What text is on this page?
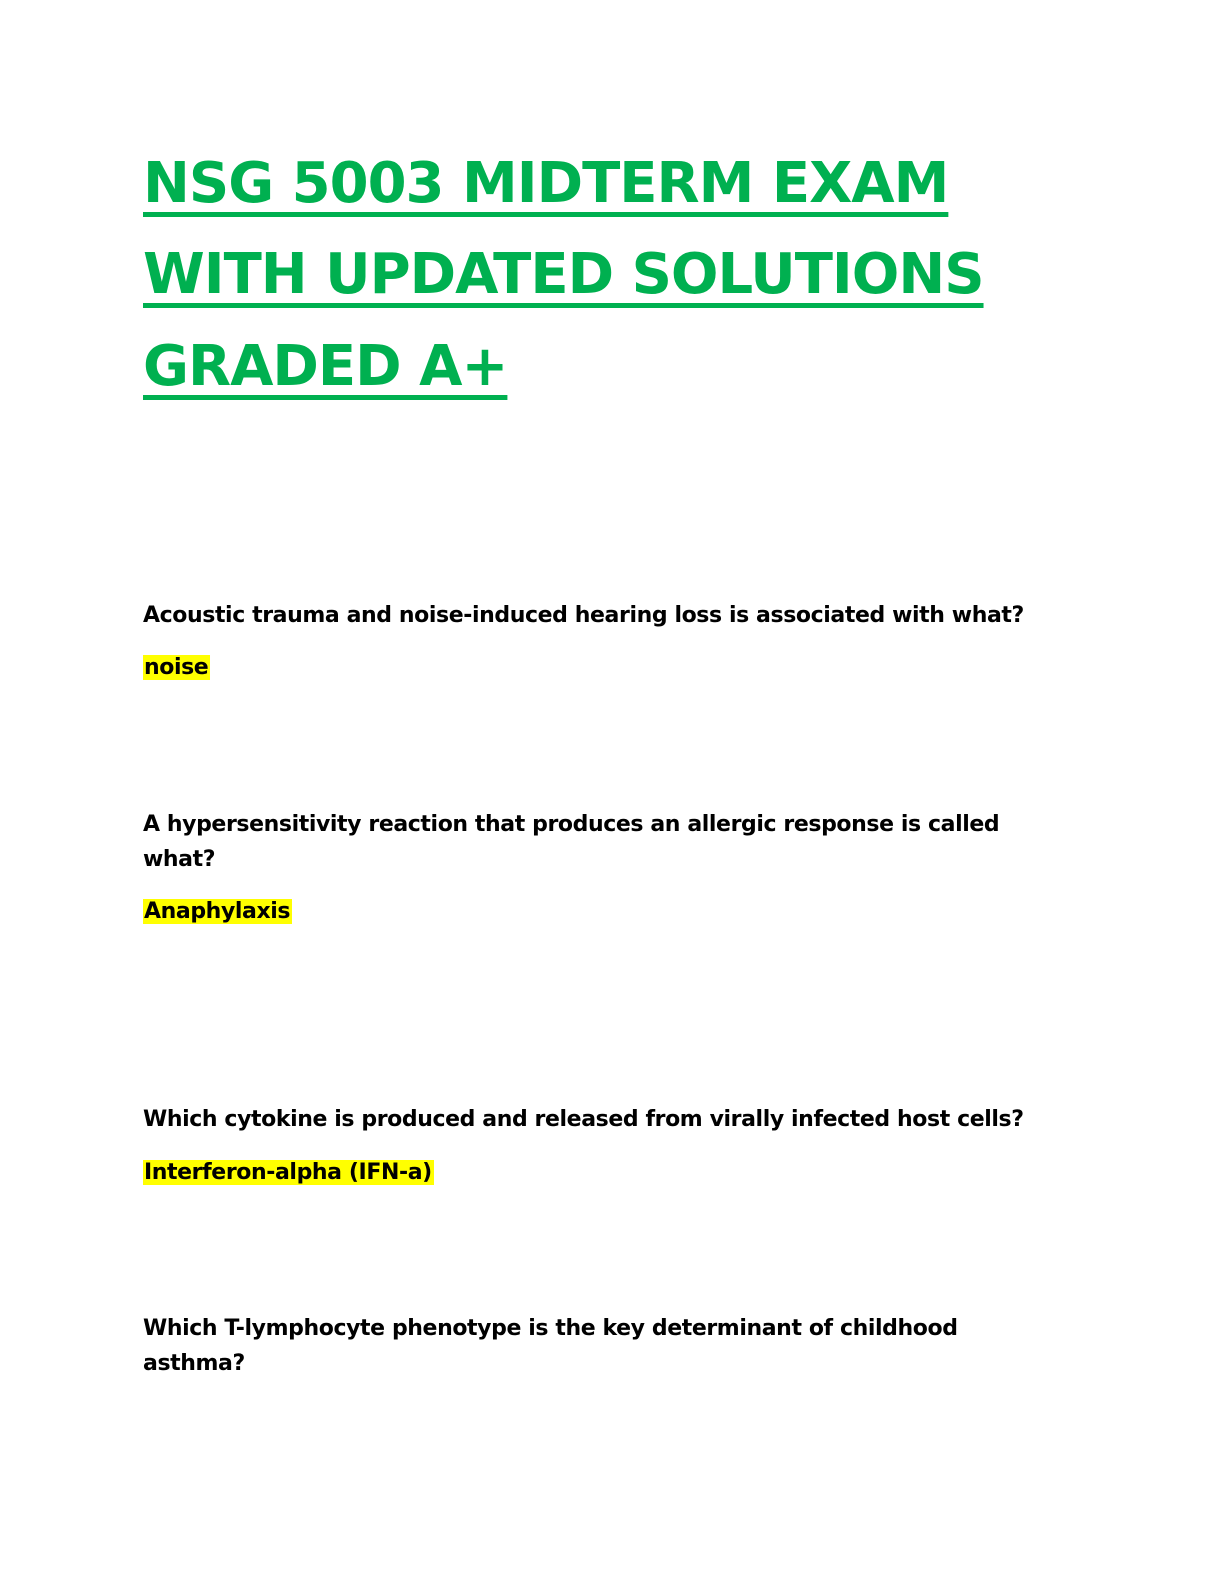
NSG 5003 MIDTERM EXAM
WITH UPDATED SOLUTIONS
GRADED A+
Acoustic trauma and noise-induced hearing loss is associated with what?
noise
A hypersensitivity reaction that produces an allergic response is called what?
Anaphylaxis
Which cytokine is produced and released from virally infected host cells?
Interferon-alpha (IFN-a)
Which T-lymphocyte phenotype is the key determinant of childhood asthma?
